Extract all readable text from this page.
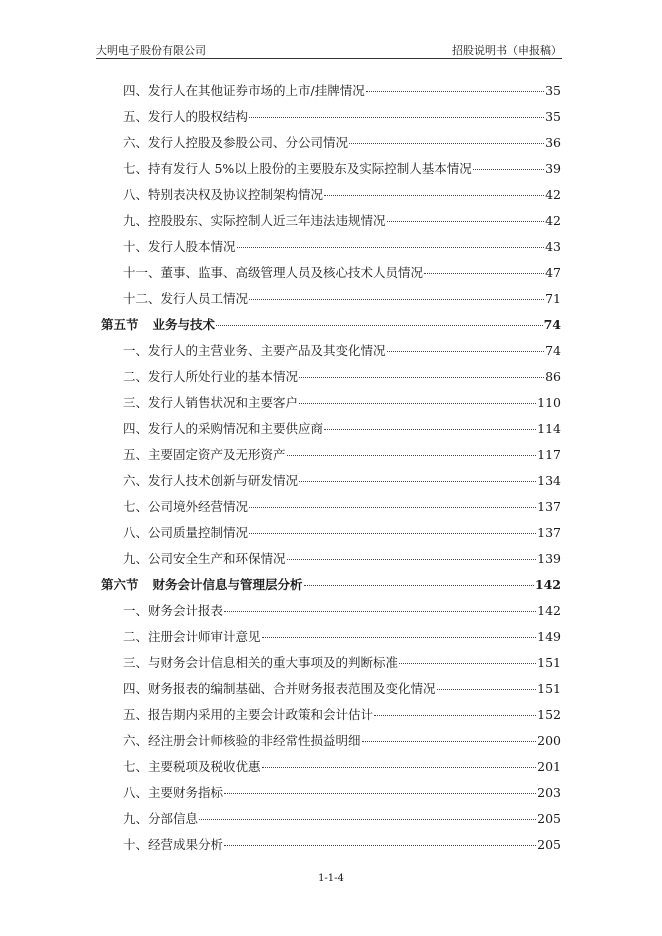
大明电子股份有限公司	招股说明书（申报稿）
四、发行人在其他证券市场的上市/挂牌情况	35
五、发行人的股权结构	35
六、发行人控股及参股公司、分公司情况	36
七、持有发行人 5%以上股份的主要股东及实际控制人基本情况	39
八、特别表决权及协议控制架构情况	42
九、控股股东、实际控制人近三年违法违规情况	42
十、发行人股本情况	43
十一、董事、监事、高级管理人员及核心技术人员情况	47
十二、发行人员工情况	71
第五节 业务与技术	74
一、发行人的主营业务、主要产品及其变化情况	74
二、发行人所处行业的基本情况	86
三、发行人销售状况和主要客户	110
四、发行人的采购情况和主要供应商	114
五、主要固定资产及无形资产	117
六、发行人技术创新与研发情况	134
七、公司境外经营情况	137
八、公司质量控制情况	137
九、公司安全生产和环保情况	139
第六节 财务会计信息与管理层分析	142
一、财务会计报表	142
二、注册会计师审计意见	149
三、与财务会计信息相关的重大事项及的判断标准	151
四、财务报表的编制基础、合并财务报表范围及变化情况	151
五、报告期内采用的主要会计政策和会计估计	152
六、经注册会计师核验的非经常性损益明细	200
七、主要税项及税收优惠	201
八、主要财务指标	203
九、分部信息	205
十、经营成果分析	205
1-1-4
